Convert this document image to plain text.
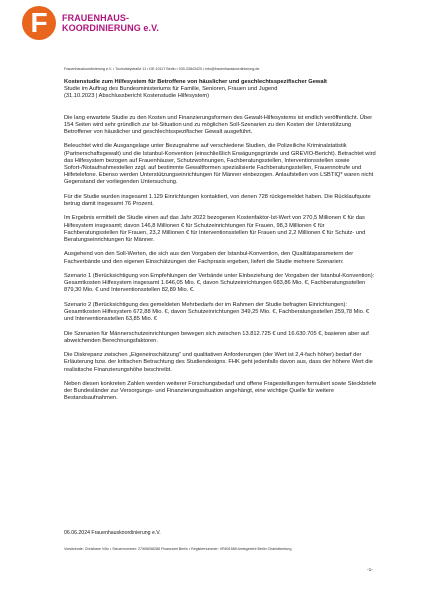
F	FRAUENHAUS-
KOORDINIERUNG e.V.
Frauenhauskoordinierung e.V. • Tucholskystraße 11 • DE-10117 Berlin • 030-33843420 • info@frauenhauskoordinierung.de
Kostenstudie zum Hilfesystem für Betroffene von häuslicher und geschlechtsspezifischer Gewalt
Studie im Auftrag des Bundesministeriums für Familie, Senioren, Frauen und Jugend
(31.10.2023 | Abschlussbericht Kostenstudie Hilfesystem)

Die lang erwartete Studie zu den Kosten und Finanzierungsformen des Gewalt-Hilfesystems ist endlich veröffentlicht. Über 154 Seiten wird sehr gründlich zur Ist-Situation und zu möglichen Soll-Szenarien zu den Kosten der Unterstützung Betroffener von häuslicher und geschlechtsspezifischer Gewalt ausgeführt.

Beleuchtet wird die Ausgangslage unter Bezugnahme auf verschiedene Studien, die Polizeiliche Kriminalstatistik (Partnerschaftsgewalt) und die Istanbul-Konvention (einschließlich Erwägungsgründe und GREVIO-Bericht). Betrachtet wird das Hilfesystem bezogen auf Frauenhäuser, Schutzwohnungen, Fachberatungsstellen, Interventionsstellen sowie Sofort-/Notaufnahmestellen zzgl. auf bestimmte Gewaltformen spezialisierte Fachberatungsstellen, Frauennotrufe und Hilfetelefone. Ebenso werden Unterstützungseinrichtungen für Männer einbezogen. Anlaufstellen von LSBTIQ* waren nicht Gegenstand der vorliegenden Untersuchung.

Für die Studie wurden insgesamt 1.129 Einrichtungen kontaktiert, von denen 728 rückgemeldet haben. Die Rücklaufquote betrug damit insgesamt 76 Prozent.

Im Ergebnis ermittelt die Studie einen auf das Jahr 2022 bezogenen Kostenfaktor-Ist-Wert von 270,5 Millionen € für das Hilfesystem insgesamt; davon 146,8 Millionen € für Schutzeinrichtungen für Frauen, 98,3 Millionen € für Fachberatungsstellen für Frauen, 23,2 Millionen € für Interventionsstellen für Frauen und 2,2 Millionen € für Schutz- und Beratungseinrichtungen für Männer.

Ausgehend von den Soll-Werten, die sich aus den Vorgaben der Istanbul-Konvention, den Qualitätsparametern der Fachverbände und den eigenen Einschätzungen der Fachpraxis ergeben, liefert die Studie mehrere Szenarien:

Szenario 1 (Berücksichtigung von Empfehlungen der Verbände unter Einbeziehung der Vorgaben der Istanbul-Konvention): Gesamtkosten Hilfesystem insgesamt 1.646,05 Mio. €, davon Schutzeinrichtungen 683,86 Mio. €, Fachberatungsstellen 879,30 Mio. € und Interventionsstellen 82,89 Mio. €.

Szenario 2 (Berücksichtigung des gemeldeten Mehrbedarfs der im Rahmen der Studie befragten Einrichtungen): Gesamtkosten Hilfesystem 672,88 Mio. €, davon Schutzeinrichtungen 349,25 Mio. €, Fachberatungsstellen 259,78 Mio. € und Interventionsstellen 63,85 Mio. €

Die Szenarien für Männerschutzeinrichtungen bewegen sich zwischen 13.812.725 € und 16.630.705 €, basieren aber auf abweichenden Berechnungsfaktoren.

Die Diskrepanz zwischen „Eigeneinschätzung“ und qualitativen Anforderungen (der Wert ist 2,4-fach höher) bedarf der Erläuterung bzw. der kritischen Betrachtung des Studiendesigns. FHK geht jedenfalls davon aus, dass der höhere Wert die realistische Finanzierungshöhe beschreibt.

Neben diesen konkreten Zahlen werden weiterer Forschungsbedarf und offene Fragestellungen formuliert sowie Steckbriefe der Bundesländer zur Versorgungs- und Finanzierungssituation angehängt, eine wichtige Quelle für weitere Bestandsaufnahmen.

06.06.2024 Frauenhauskoordinierung e.V.
Vorsitzende: Christiane Völz • Steuernummer: 27/658/58288 Finanzamt Berlin • Registernummer: VR601589 Amtsgericht Berlin Charlottenburg
-1-
